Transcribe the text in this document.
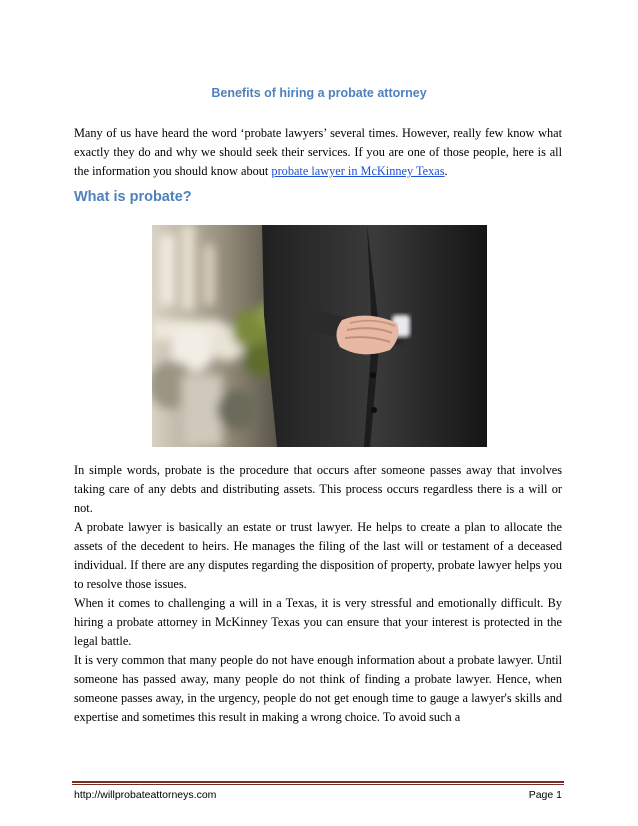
Benefits of hiring a probate attorney

Many of us have heard the word ‘probate lawyers’ several times. However, really few know what exactly they do and why we should seek their services. If you are one of those people, here is all the information you should know about probate lawyer in McKinney Texas.

What is probate?

In simple words, probate is the procedure that occurs after someone passes away that involves taking care of any debts and distributing assets. This process occurs regardless there is a will or not.

A probate lawyer is basically an estate or trust lawyer. He helps to create a plan to allocate the assets of the decedent to heirs. He manages the filing of the last will or testament of a deceased individual. If there are any disputes regarding the disposition of property, probate lawyer helps you to resolve those issues.

When it comes to challenging a will in a Texas, it is very stressful and emotionally difficult. By hiring a probate attorney in McKinney Texas you can ensure that your interest is protected in the legal battle.

It is very common that many people do not have enough information about a probate lawyer. Until someone has passed away, many people do not think of finding a probate lawyer. Hence, when someone passes away, in the urgency, people do not get enough time to gauge a lawyer's skills and expertise and sometimes this result in making a wrong choice. To avoid such a

http://willprobateattorneys.com	Page 1
